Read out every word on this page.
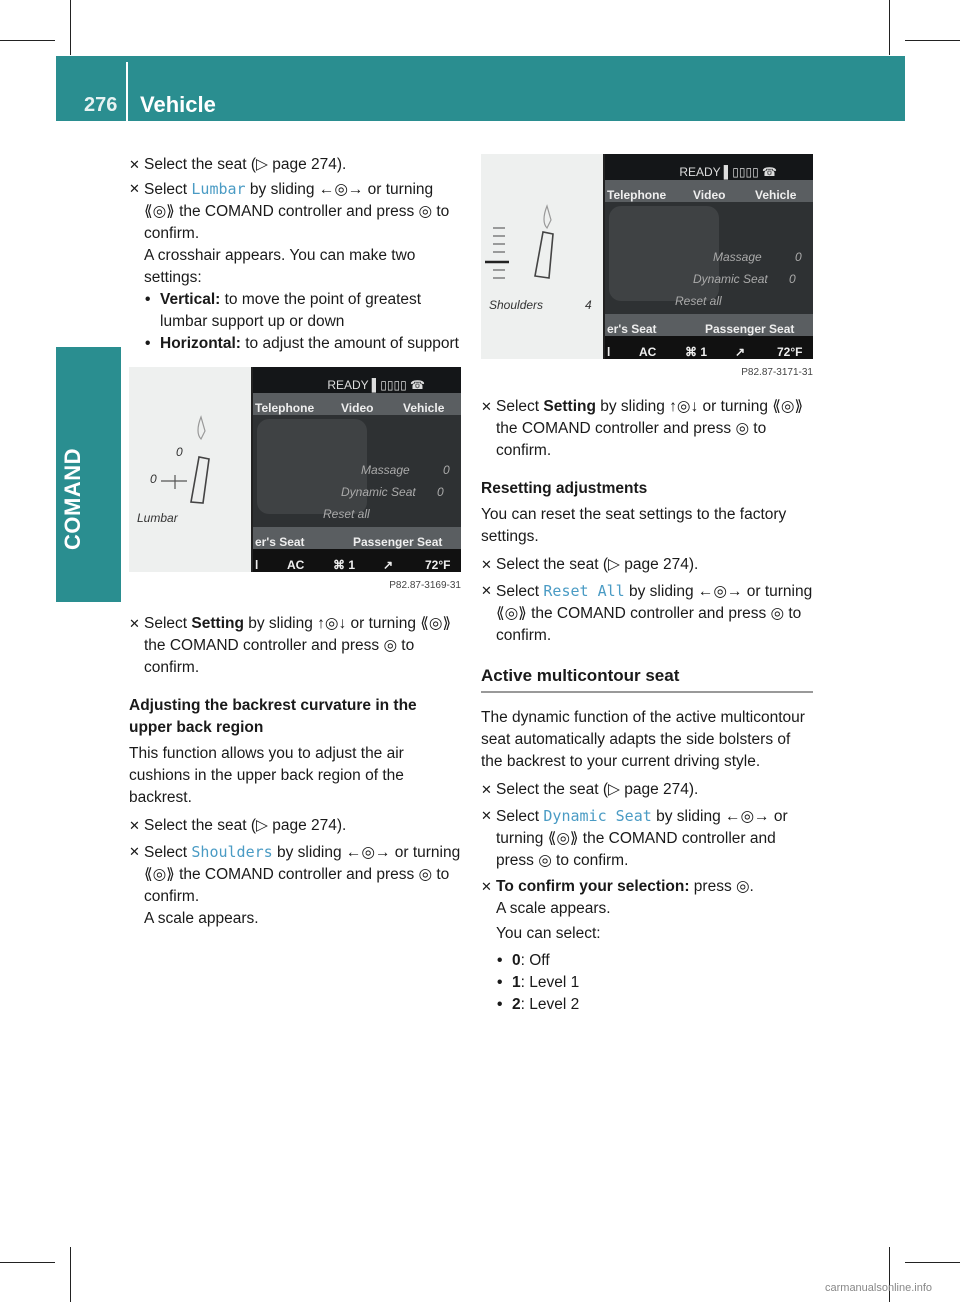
276 Vehicle
COMAND

✕ Select the seat (▷ page 274).

✕ Select Lumbar by sliding ←◎→ or turning ⟪◎⟫ the COMAND controller and press ◎ to confirm.

A crosshair appears. You can make two settings:

• Vertical: to move the point of greatest lumbar support up or down

• Horizontal: to adjust the amount of support

0
0
Lumbar
READY ▌▯▯▯▯ ☎
Telephone Video Vehicle
Massage	0
Dynamic Seat 0
Reset all
er's Seat	Passenger Seat
l AC ⌘ 1 ↗	72°F
P82.87-3169-31

✕ Select Setting by sliding ↑◎↓ or turning ⟪◎⟫ the COMAND controller and press ◎ to confirm.

Adjusting the backrest curvature in the upper back region

This function allows you to adjust the air cushions in the upper back region of the backrest.

✕ Select the seat (▷ page 274).

✕ Select Shoulders by sliding ←◎→ or turning ⟪◎⟫ the COMAND controller and press ◎ to confirm.

A scale appears.

Shoulders	4
READY ▌▯▯▯▯ ☎
Telephone Video Vehicle
Massage	0
Dynamic Seat 0
Reset all
er's Seat	Passenger Seat
l AC ⌘ 1 ↗	72°F
P82.87-3171-31

✕ Select Setting by sliding ↑◎↓ or turning ⟪◎⟫ the COMAND controller and press ◎ to confirm.

Resetting adjustments

You can reset the seat settings to the factory settings.

✕ Select the seat (▷ page 274).

✕ Select Reset All by sliding ←◎→ or turning ⟪◎⟫ the COMAND controller and press ◎ to confirm.

Active multicontour seat

The dynamic function of the active multicontour seat automatically adapts the side bolsters of the backrest to your current driving style.

✕ Select the seat (▷ page 274).

✕ Select Dynamic Seat by sliding ←◎→ or turning ⟪◎⟫ the COMAND controller and press ◎ to confirm.

✕ To confirm your selection: press ◎.

A scale appears.

You can select:

• 0: Off

• 1: Level 1

• 2: Level 2

carmanualsonline.info
